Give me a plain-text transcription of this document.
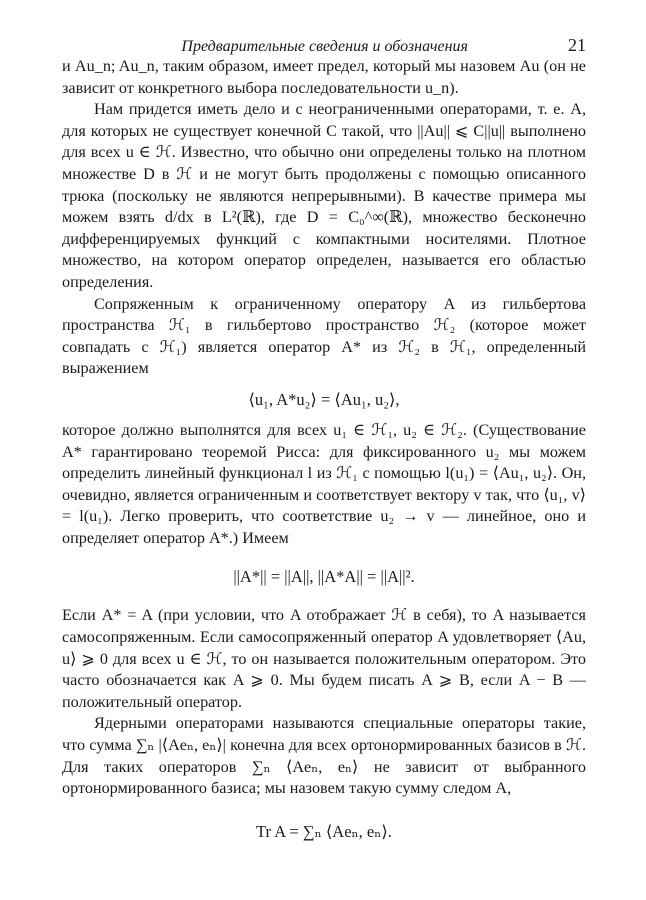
Предварительные сведения и обозначения	21

и Au_n; Au_n, таким образом, имеет предел, который мы назовем Au (он не зависит от конкретного выбора последовательности u_n).

Нам придется иметь дело и с неограниченными операторами, т. е. A, для которых не существует конечной C такой, что ||Au|| ⩽ C||u|| выполнено для всех u ∈ ℋ. Известно, что обычно они определены только на плотном множестве D в ℋ и не могут быть продолжены с помощью описанного трюка (поскольку не являются непрерывными). В качестве примера мы можем взять d/dx в L²(ℝ), где D = C₀^∞(ℝ), множество бесконечно дифференцируемых функций с компактными носителями. Плотное множество, на котором оператор определен, называется его областью определения.

Сопряженным к ограниченному оператору A из гильбертова пространства ℋ₁ в гильбертово пространство ℋ₂ (которое может совпадать с ℋ₁) является оператор A* из ℋ₂ в ℋ₁, определенный выражением

⟨u₁, A*u₂⟩ = ⟨Au₁, u₂⟩,

которое должно выполнятся для всех u₁ ∈ ℋ₁, u₂ ∈ ℋ₂. (Существование A* гарантировано теоремой Рисса: для фиксированного u₂ мы можем определить линейный функционал l из ℋ₁ с помощью l(u₁) = ⟨Au₁, u₂⟩. Он, очевидно, является ограниченным и соответствует вектору v так, что ⟨u₁, v⟩ = l(u₁). Легко проверить, что соответствие u₂ → v — линейное, оно и определяет оператор A*.) Имеем

||A*|| = ||A||, ||A*A|| = ||A||².

Если A* = A (при условии, что A отображает ℋ в себя), то A называется самосопряженным. Если самосопряженный оператор A удовлетворяет ⟨Au, u⟩ ⩾ 0 для всех u ∈ ℋ, то он называется положительным оператором. Это часто обозначается как A ⩾ 0. Мы будем писать A ⩾ B, если A − B — положительный оператор.

Ядерными операторами называются специальные операторы такие, что сумма ∑ₙ |⟨Aeₙ, eₙ⟩| конечна для всех ортонормированных базисов в ℋ. Для таких операторов ∑ₙ ⟨Aeₙ, eₙ⟩ не зависит от выбранного ортонормированного базиса; мы назовем такую сумму следом A,

Tr A = ∑ₙ ⟨Aeₙ, eₙ⟩.
